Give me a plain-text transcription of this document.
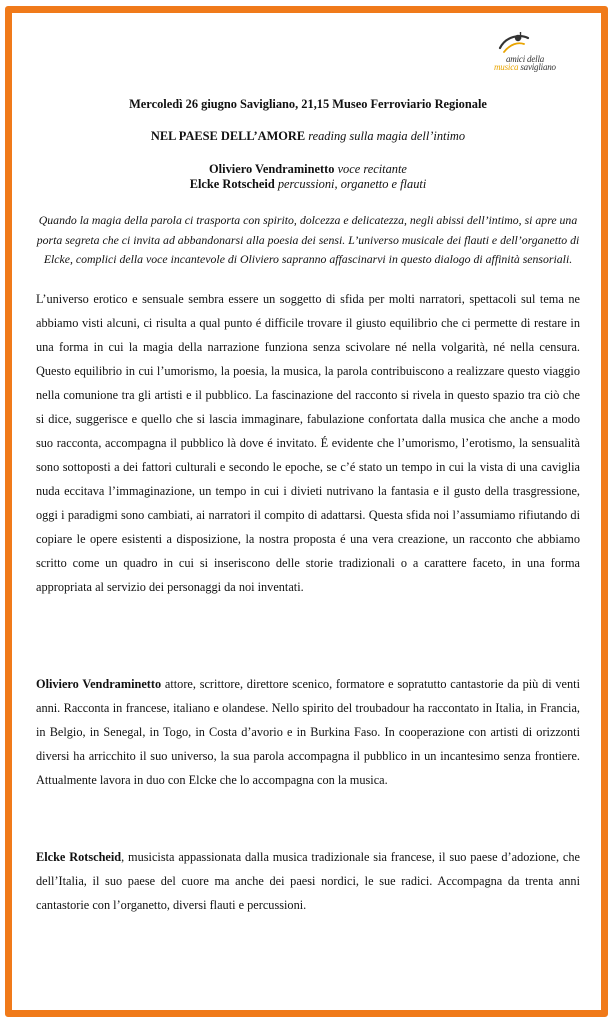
amici della
musica savigliano
Mercoledì 26 giugno Savigliano, 21,15 Museo Ferroviario Regionale
NEL PAESE DELL’AMORE reading sulla magia dell’intimo
Oliviero Vendraminetto voce recitante
Elcke Rotscheid percussioni, organetto e flauti
Quando la magia della parola ci trasporta con spirito, dolcezza e delicatezza, negli abissi dell’intimo, si apre una porta segreta che ci invita ad abbandonarsi alla poesia dei sensi. L’universo musicale dei flauti e dell’organetto di Elcke, complici della voce incantevole di Oliviero sapranno affascinarvi in questo dialogo di affinità sensoriali.

L’universo erotico e sensuale sembra essere un soggetto di sfida per molti narratori, spettacoli sul tema ne abbiamo visti alcuni, ci risulta a qual punto é difficile trovare il giusto equilibrio che ci permette di restare in una forma in cui la magia della narrazione funziona senza scivolare né nella volgarità, né nella censura. Questo equilibrio in cui l’umorismo, la poesia, la musica, la parola contribuiscono a realizzare questo viaggio nella comunione tra gli artisti e il pubblico. La fascinazione del racconto si rivela in questo spazio tra ciò che si dice, suggerisce e quello che si lascia immaginare, fabulazione confortata dalla musica che anche a modo suo racconta, accompagna il pubblico là dove é invitato. É evidente che l’umorismo, l’erotismo, la sensualità sono sottoposti a dei fattori culturali e secondo le epoche, se c’é stato un tempo in cui la vista di una caviglia nuda eccitava l’immaginazione, un tempo in cui i divieti nutrivano la fantasia e il gusto della trasgressione, oggi i paradigmi sono cambiati, ai narratori il compito di adattarsi. Questa sfida noi l’assumiamo rifiutando di copiare le opere esistenti a disposizione, la nostra proposta é una vera creazione, un racconto che abbiamo scritto come un quadro in cui si inseriscono delle storie tradizionali o a carattere faceto, in una forma appropriata al servizio dei personaggi da noi inventati.

Oliviero Vendraminetto attore, scrittore, direttore scenico, formatore e sopratutto cantastorie da più di venti anni. Racconta in francese, italiano e olandese. Nello spirito del troubadour ha raccontato in Italia, in Francia, in Belgio, in Senegal, in Togo, in Costa d’avorio e in Burkina Faso. In cooperazione con artisti di orizzonti diversi ha arricchito il suo universo, la sua parola accompagna il pubblico in un incantesimo senza frontiere. Attualmente lavora in duo con Elcke che lo accompagna con la musica.

Elcke Rotscheid, musicista appassionata dalla musica tradizionale sia francese, il suo paese d’adozione, che dell’Italia, il suo paese del cuore ma anche dei paesi nordici, le sue radici. Accompagna da trenta anni cantastorie con l’organetto, diversi flauti e percussioni.
